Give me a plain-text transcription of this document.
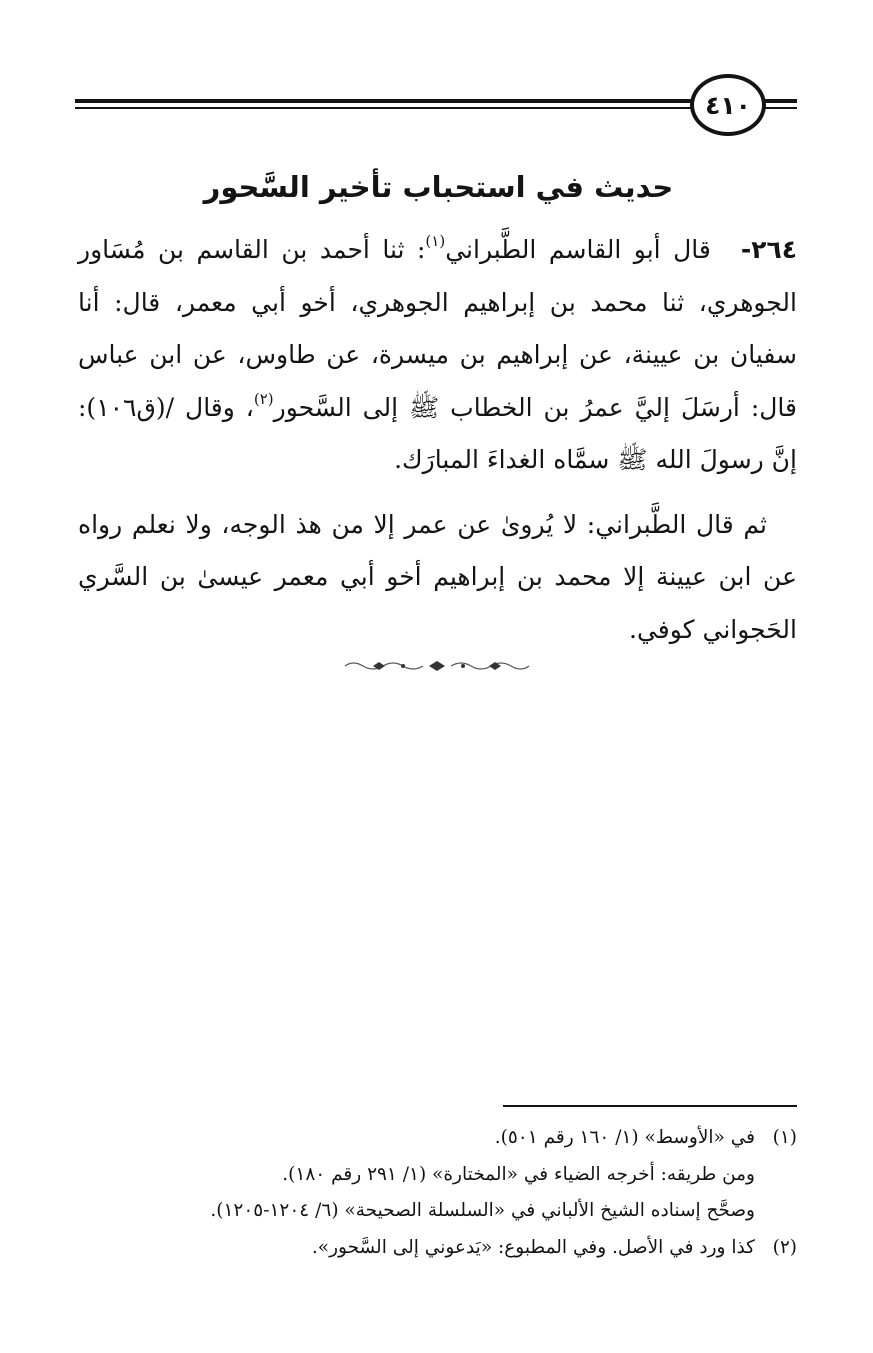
٤١٠
حديث في استحباب تأخير السَّحور

٢٦٤-قال أبو القاسم الطَّبراني$^{(١)}$: ثنا أحمد بن القاسم بن مُسَاور الجوهري، ثنا محمد بن إبراهيم الجوهري، أخو أبي معمر، قال: أنا سفيان بن عيينة، عن إبراهيم بن ميسرة، عن طاوس، عن ابن عباس قال: أرسَلَ إليَّ عمرُ بن الخطاب ﷺ إلى السَّحور$^{(٢)}$، وقال /(ق١٠٦): إنَّ رسولَ الله ﷺ سمَّاه الغداءَ المبارَك.

ثم قال الطَّبراني: لا يُروىٰ عن عمر إلا من هذ الوجه، ولا نعلم رواه عن ابن عيينة إلا محمد بن إبراهيم أخو أبي معمر عيسىٰ بن السَّري الحَجواني كوفي.

(١)في «الأوسط» (١/ ١٦٠ رقم ٥٠١).
ومن طريقه: أخرجه الضياء في «المختارة» (١/ ٢٩١ رقم ١٨٠).
وصحَّح إسناده الشيخ الألباني في «السلسلة الصحيحة» (٦/ ١٢٠٤-١٢٠٥).
(٢)كذا ورد في الأصل. وفي المطبوع: «يَدعوني إلى السَّحور».
